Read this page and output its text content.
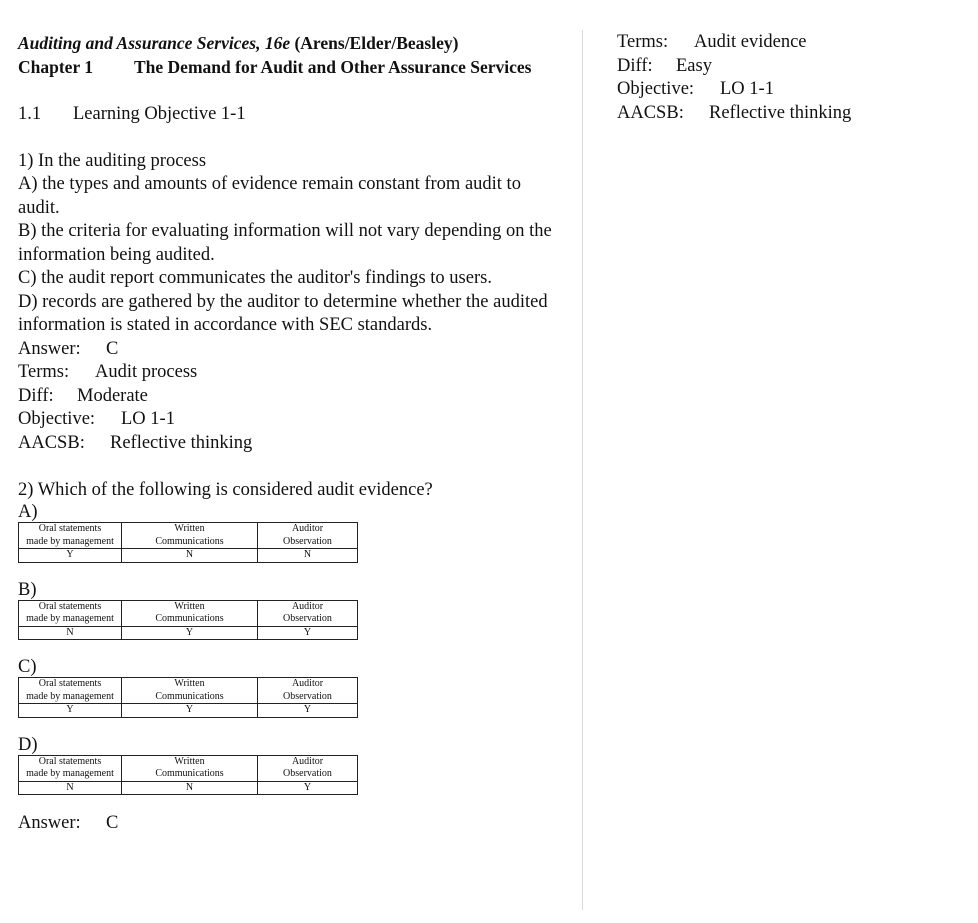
Auditing and Assurance Services, 16e (Arens/Elder/Beasley)
Chapter 1 The Demand for Audit and Other Assurance Services

1.1 Learning Objective 1-1

1) In the auditing process

A) the types and amounts of evidence remain constant from audit to audit.

B) the criteria for evaluating information will not vary depending on the information being audited.

C) the audit report communicates the auditor's findings to users.

D) records are gathered by the auditor to determine whether the audited information is stated in accordance with SEC standards.

Answer: C

Terms: Audit process

Diff: Moderate

Objective: LO 1-1

AACSB: Reflective thinking

2) Which of the following is considered audit evidence?

A)

Oral statements
made by management	Written
Communications	Auditor
Observation
Y	N	N

B)

Oral statements
made by management	Written
Communications	Auditor
Observation
N	Y	Y

C)

Oral statements
made by management	Written
Communications	Auditor
Observation
Y	Y	Y

D)

Oral statements
made by management	Written
Communications	Auditor
Observation
N	N	Y

Answer: C

Terms: Audit evidence

Diff: Easy

Objective: LO 1-1

AACSB: Reflective thinking
